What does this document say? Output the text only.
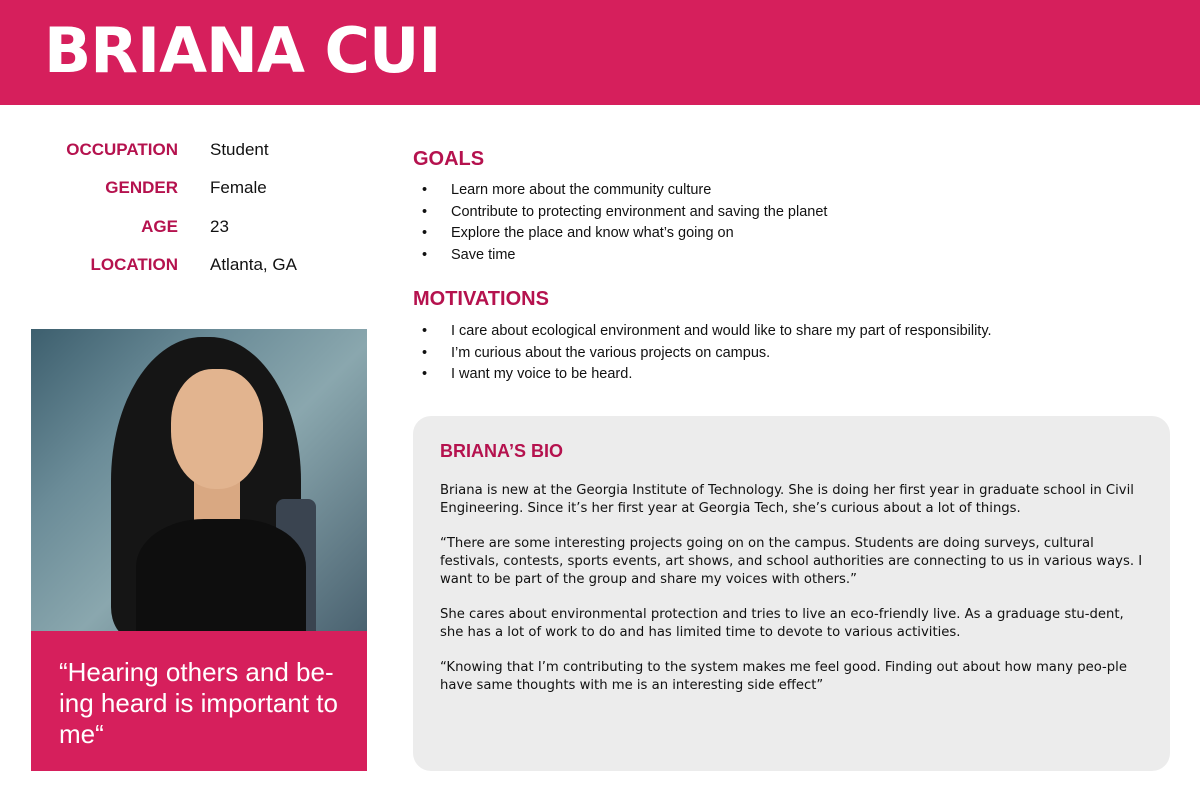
BRIANA CUI
OCCUPATION Student
GENDER Female
AGE 23
LOCATION Atlanta, GA

“Hearing others and be-ing heard is important to me“

GOALS
• Learn more about the community culture
• Contribute to protecting environment and saving the planet
• Explore the place and know what’s going on
• Save time
MOTIVATIONS
• I care about ecological environment and would like to share my part of responsibility.
• I’m curious about the various projects on campus.
• I want my voice to be heard.
BRIANA’S BIO

Briana is new at the Georgia Institute of Technology. She is doing her first year in graduate school in Civil Engineering. Since it’s her first year at Georgia Tech, she’s curious about a lot of things.

“There are some interesting projects going on on the campus. Students are doing surveys, cultural festivals, contests, sports events, art shows, and school authorities are connecting to us in various ways. I want to be part of the group and share my voices with others.”

She cares about environmental protection and tries to live an eco-friendly live. As a graduage stu-dent, she has a lot of work to do and has limited time to devote to various activities.

“Knowing that I’m contributing to the system makes me feel good. Finding out about how many peo-ple have same thoughts with me is an interesting side effect”
